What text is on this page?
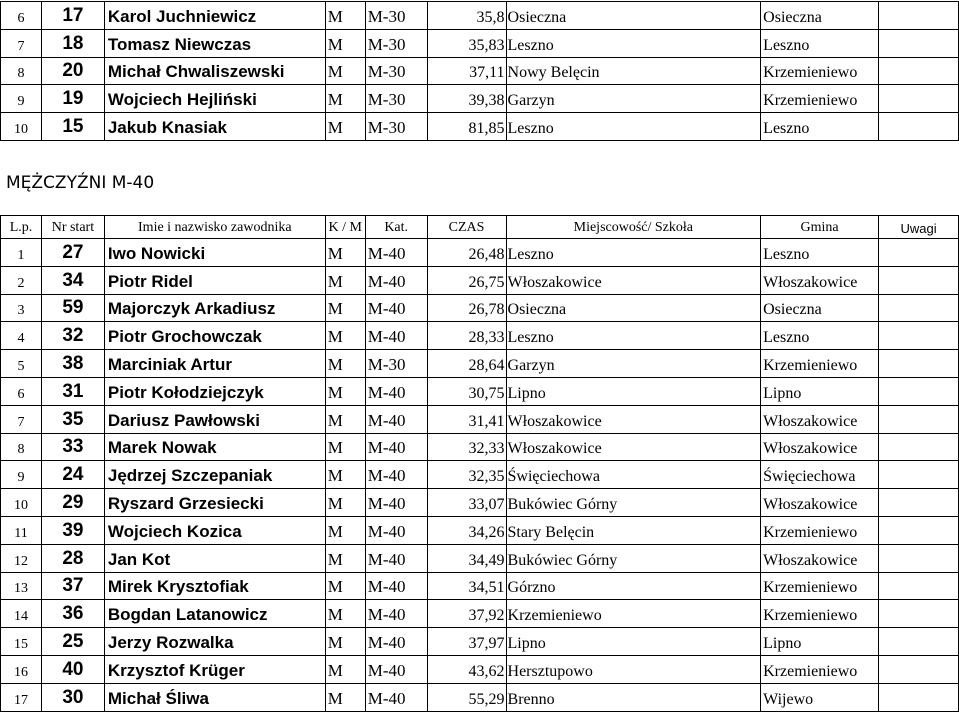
6	17	Karol Juchniewicz	M	M-30	35,8	Osieczna	Osieczna	
7	18	Tomasz Niewczas	M	M-30	35,83	Leszno	Leszno	
8	20	Michał Chwaliszewski	M	M-30	37,11	Nowy Belęcin	Krzemieniewo	
9	19	Wojciech Hejliński	M	M-30	39,38	Garzyn	Krzemieniewo	
10	15	Jakub Knasiak	M	M-30	81,85	Leszno	Leszno	
MĘŻCZYŹNI M-40
L.p.	Nr start	Imie i nazwisko zawodnika	K / M	Kat.	CZAS	Miejscowość/ Szkoła	Gmina	Uwagi
1	27	Iwo Nowicki	M	M-40	26,48	Leszno	Leszno	
2	34	Piotr Ridel	M	M-40	26,75	Włoszakowice	Włoszakowice	
3	59	Majorczyk Arkadiusz	M	M-40	26,78	Osieczna	Osieczna	
4	32	Piotr Grochowczak	M	M-40	28,33	Leszno	Leszno	
5	38	Marciniak Artur	M	M-30	28,64	Garzyn	Krzemieniewo	
6	31	Piotr Kołodziejczyk	M	M-40	30,75	Lipno	Lipno	
7	35	Dariusz Pawłowski	M	M-40	31,41	Włoszakowice	Włoszakowice	
8	33	Marek Nowak	M	M-40	32,33	Włoszakowice	Włoszakowice	
9	24	Jędrzej Szczepaniak	M	M-40	32,35	Święciechowa	Święciechowa	
10	29	Ryszard Grzesiecki	M	M-40	33,07	Bukówiec Górny	Włoszakowice	
11	39	Wojciech Kozica	M	M-40	34,26	Stary Belęcin	Krzemieniewo	
12	28	Jan Kot	M	M-40	34,49	Bukówiec Górny	Włoszakowice	
13	37	Mirek Krysztofiak	M	M-40	34,51	Górzno	Krzemieniewo	
14	36	Bogdan Latanowicz	M	M-40	37,92	Krzemieniewo	Krzemieniewo	
15	25	Jerzy Rozwalka	M	M-40	37,97	Lipno	Lipno	
16	40	Krzysztof Krüger	M	M-40	43,62	Hersztupowo	Krzemieniewo	
17	30	Michał Śliwa	M	M-40	55,29	Brenno	Wijewo	
